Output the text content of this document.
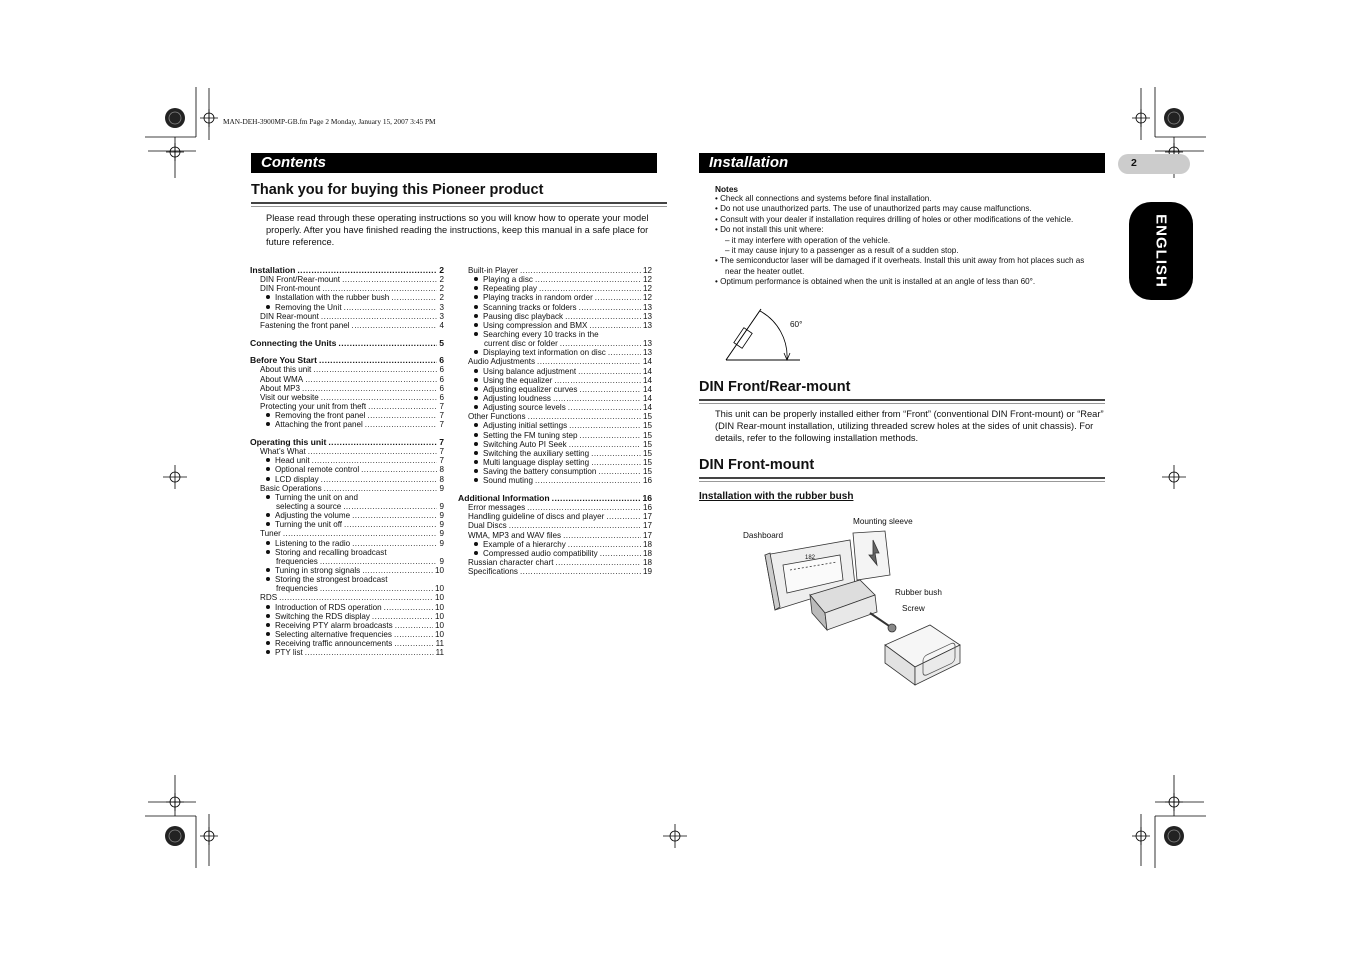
MAN-DEH-3900MP-GB.fm Page 2 Monday, January 15, 2007 3:45 PM
Contents
Thank you for buying this Pioneer product
Please read through these operating instructions so you will know how to operate your model properly. After you have finished reading the instructions, keep this manual in a safe place for future reference.
Installation .....	2
DIN Front/Rear-mount .....	2
DIN Front-mount .....	2
Installation with the rubber bush .....	2
Removing the Unit .....	3
DIN Rear-mount .....	3
Fastening the front panel .....	4
Connecting the Units .....	5
Before You Start .....	6
About this unit .....	6
About WMA .....	6
About MP3 .....	6
Visit our website .....	6
Protecting your unit from theft .....	7
Removing the front panel .....	7
Attaching the front panel .....	7
Operating this unit .....	7
What’s What .....	7
Head unit .....	7
Optional remote control .....	8
LCD display .....	8
Basic Operations .....	9
Turning the unit on and
selecting a source .....	9
Adjusting the volume .....	9
Turning the unit off .....	9
Tuner .....	9
Listening to the radio .....	9
Storing and recalling broadcast
frequencies .....	9
Tuning in strong signals .....	10
Storing the strongest broadcast
frequencies .....	10
RDS .....	10
Introduction of RDS operation .....	10
Switching the RDS display .....	10
Receiving PTY alarm broadcasts .....	10
Selecting alternative frequencies .....	10
Receiving traffic announcements .....	11
PTY list .....	11
Built-in Player .....	12
Playing a disc .....	12
Repeating play .....	12
Playing tracks in random order .....	12
Scanning tracks or folders .....	13
Pausing disc playback .....	13
Using compression and BMX .....	13
Searching every 10 tracks in the
current disc or folder .....	13
Displaying text information on disc .....	13
Audio Adjustments .....	14
Using balance adjustment .....	14
Using the equalizer .....	14
Adjusting equalizer curves .....	14
Adjusting loudness .....	14
Adjusting source levels .....	14
Other Functions .....	15
Adjusting initial settings .....	15
Setting the FM tuning step .....	15
Switching Auto PI Seek .....	15
Switching the auxiliary setting .....	15
Multi language display setting .....	15
Saving the battery consumption .....	15
Sound muting .....	16
Additional Information .....	16
Error messages .....	16
Handling guideline of discs and player .....	17
Dual Discs .....	17
WMA, MP3 and WAV files .....	17
Example of a hierarchy .....	18
Compressed audio compatibility .....	18
Russian character chart .....	18
Specifications .....	19
Installation	2
ENGLISH
Notes
• Check all connections and systems before final installation.
• Do not use unauthorized parts. The use of unauthorized parts may cause malfunctions.
• Consult with your dealer if installation requires drilling of holes or other modifications of the vehicle.
• Do not install this unit where:
– it may interfere with operation of the vehicle.
– it may cause injury to a passenger as a result of a sudden stop.
• The semiconductor laser will be damaged if it overheats. Install this unit away from hot places such as near the heater outlet.
• Optimum performance is obtained when the unit is installed at an angle of less than 60°.
60°
DIN Front/Rear-mount
This unit can be properly installed either from “Front” (conventional DIN Front-mount) or “Rear” (DIN Rear-mount installation, utilizing threaded screw holes at the sides of unit chassis). For details, refer to the following installation methods.
DIN Front-mount
Installation with the rubber bush
Mounting sleeve
Dashboard
182
Rubber bush
Screw
